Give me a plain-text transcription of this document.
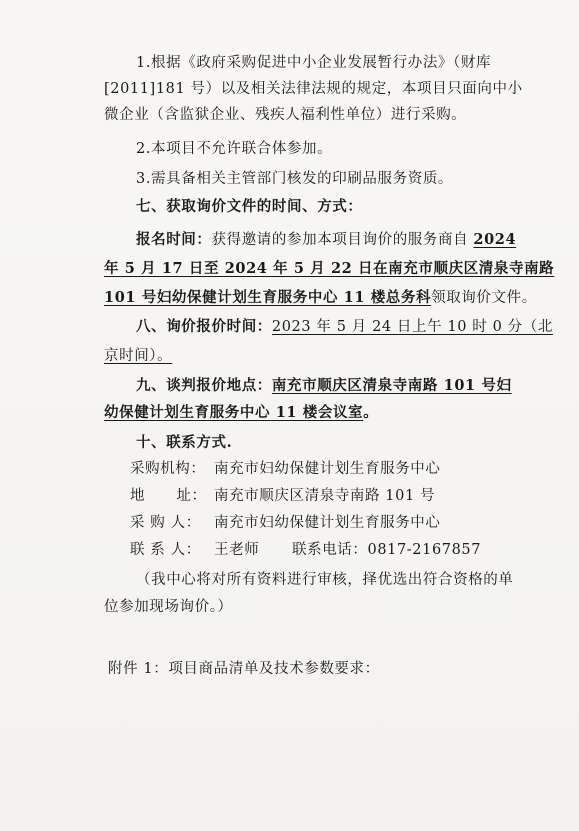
1.根据《政府采购促进中小企业发展暂行办法》（财库
[2011]181 号）以及相关法律法规的规定，本项目只面向中小
微企业（含监狱企业、残疾人福利性单位）进行采购。
2.本项目不允许联合体参加。
3.需具备相关主管部门核发的印刷品服务资质。
七、获取询价文件的时间、方式：
报名时间：获得邀请的参加本项目询价的服务商自 2024
年 5 月 17 日至 2024 年 5 月 22 日在南充市顺庆区清泉寺南路
101 号妇幼保健计划生育服务中心 11 楼总务科领取询价文件。
八、询价报价时间：2023 年 5 月 24 日上午 10 时 0 分（北
京时间）。
九、谈判报价地点：南充市顺庆区清泉寺南路 101 号妇
幼保健计划生育服务中心 11 楼会议室。
十、联系方式.
采购机构： 南充市妇幼保健计划生育服务中心
地      址： 南充市顺庆区清泉寺南路 101 号
采 购 人： 南充市妇幼保健计划生育服务中心
联 系 人： 王老师 联系电话：0817-2167857
（我中心将对所有资料进行审核，择优选出符合资格的单
位参加现场询价。）
附件 1：项目商品清单及技术参数要求：
